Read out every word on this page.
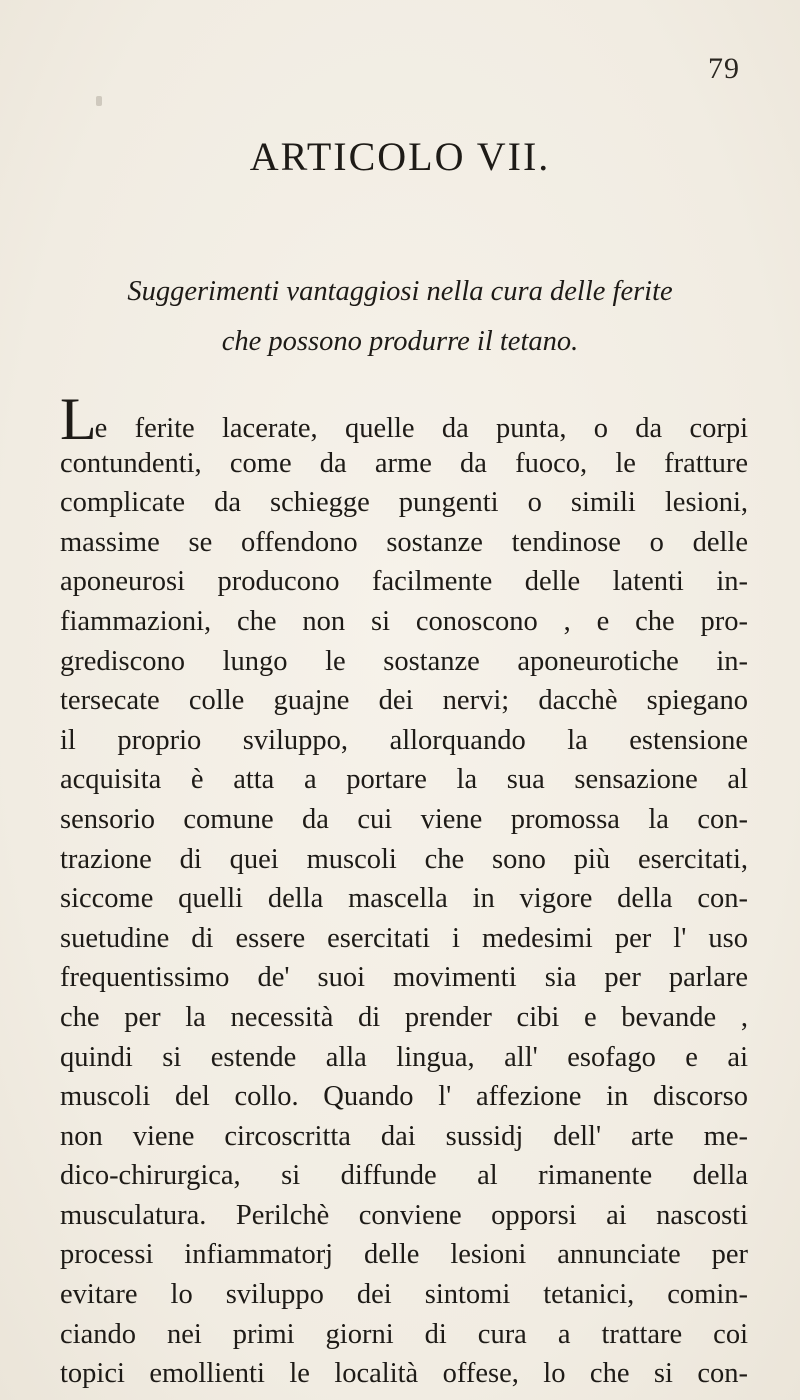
79
ARTICOLO VII.
Suggerimenti vantaggiosi nella cura delle ferite
che possono produrre il tetano.
Le ferite lacerate, quelle da punta, o da corpi
contundenti, come da arme da fuoco, le fratture
complicate da schiegge pungenti o simili lesioni,
massime se offendono sostanze tendinose o delle
aponeurosi producono facilmente delle latenti in-
fiammazioni, che non si conoscono , e che pro-
grediscono lungo le sostanze aponeurotiche in-
tersecate colle guajne dei nervi; dacchè spiegano
il proprio sviluppo, allorquando la estensione
acquisita è atta a portare la sua sensazione al
sensorio comune da cui viene promossa la con-
trazione di quei muscoli che sono più esercitati,
siccome quelli della mascella in vigore della con-
suetudine di essere esercitati i medesimi per l' uso
frequentissimo de' suoi movimenti sia per parlare
che per la necessità di prender cibi e bevande ,
quindi si estende alla lingua, all' esofago e ai
muscoli del collo. Quando l' affezione in discorso
non viene circoscritta dai sussidj dell' arte me-
dico-chirurgica, si diffunde al rimanente della
musculatura. Perilchè conviene opporsi ai nascosti
processi infiammatorj delle lesioni annunciate per
evitare lo sviluppo dei sintomi tetanici, comin-
ciando nei primi giorni di cura a trattare coi
topici emollienti le località offese, lo che si con-
